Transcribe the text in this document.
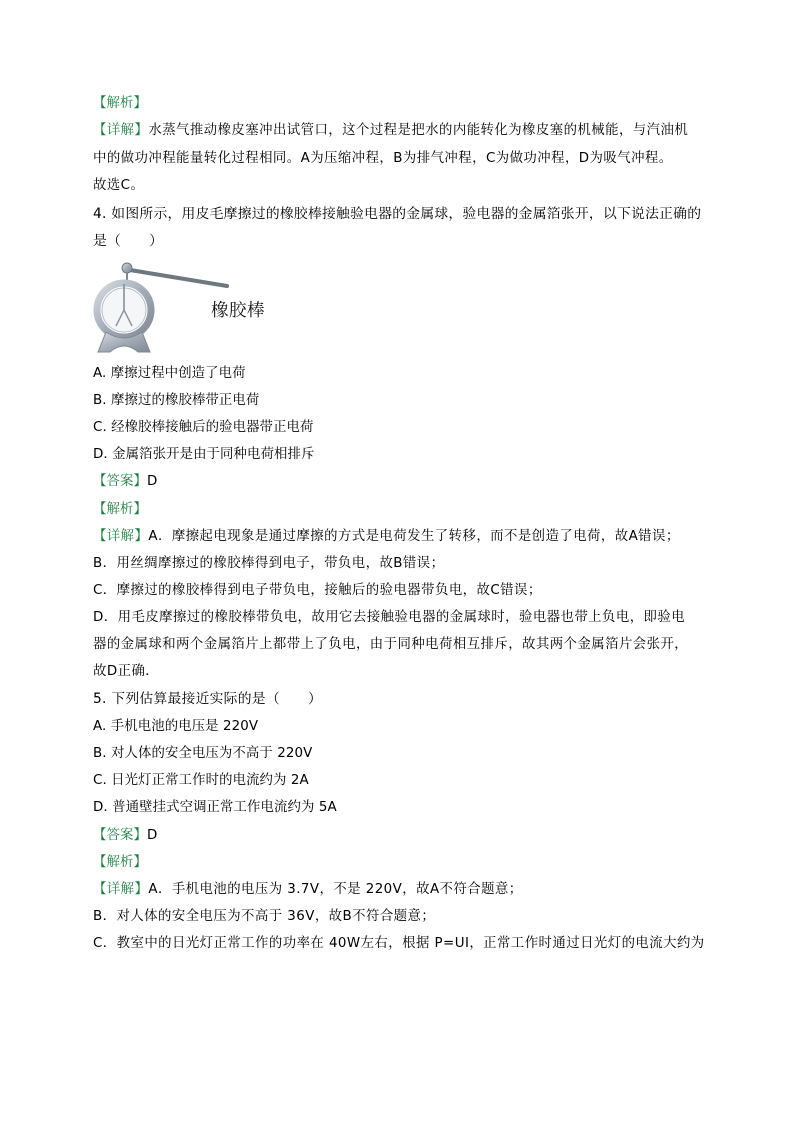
【解析】
【详解】水蒸气推动橡皮塞冲出试管口，这个过程是把水的内能转化为橡皮塞的机械能，与汽油机
中的做功冲程能量转化过程相同。A为压缩冲程，B为排气冲程，C为做功冲程，D为吸气冲程。
故选C。
4. 如图所示，用皮毛摩擦过的橡胶棒接触验电器的金属球，验电器的金属箔张开，以下说法正确的
是（　　）
橡胶棒
A. 摩擦过程中创造了电荷
B. 摩擦过的橡胶棒带正电荷
C. 经橡胶棒接触后的验电器带正电荷
D. 金属箔张开是由于同种电荷相排斥
【答案】D
【解析】
【详解】A．摩擦起电现象是通过摩擦的方式是电荷发生了转移，而不是创造了电荷，故A错误；
B．用丝绸摩擦过的橡胶棒得到电子，带负电，故B错误；
C．摩擦过的橡胶棒得到电子带负电，接触后的验电器带负电，故C错误；
D．用毛皮摩擦过的橡胶棒带负电，故用它去接触验电器的金属球时，验电器也带上负电，即验电
器的金属球和两个金属箔片上都带上了负电，由于同种电荷相互排斥，故其两个金属箔片会张开，
故D正确．
5. 下列估算最接近实际的是（　　）
A. 手机电池的电压是 220V
B. 对人体的安全电压为不高于 220V
C. 日光灯正常工作时的电流约为 2A
D. 普通壁挂式空调正常工作电流约为 5A
【答案】D
【解析】
【详解】A．手机电池的电压为 3.7V，不是 220V，故A不符合题意；
B．对人体的安全电压为不高于 36V，故B不符合题意；
C．教室中的日光灯正常工作的功率在 40W左右，根据 P=UI，正常工作时通过日光灯的电流大约为
